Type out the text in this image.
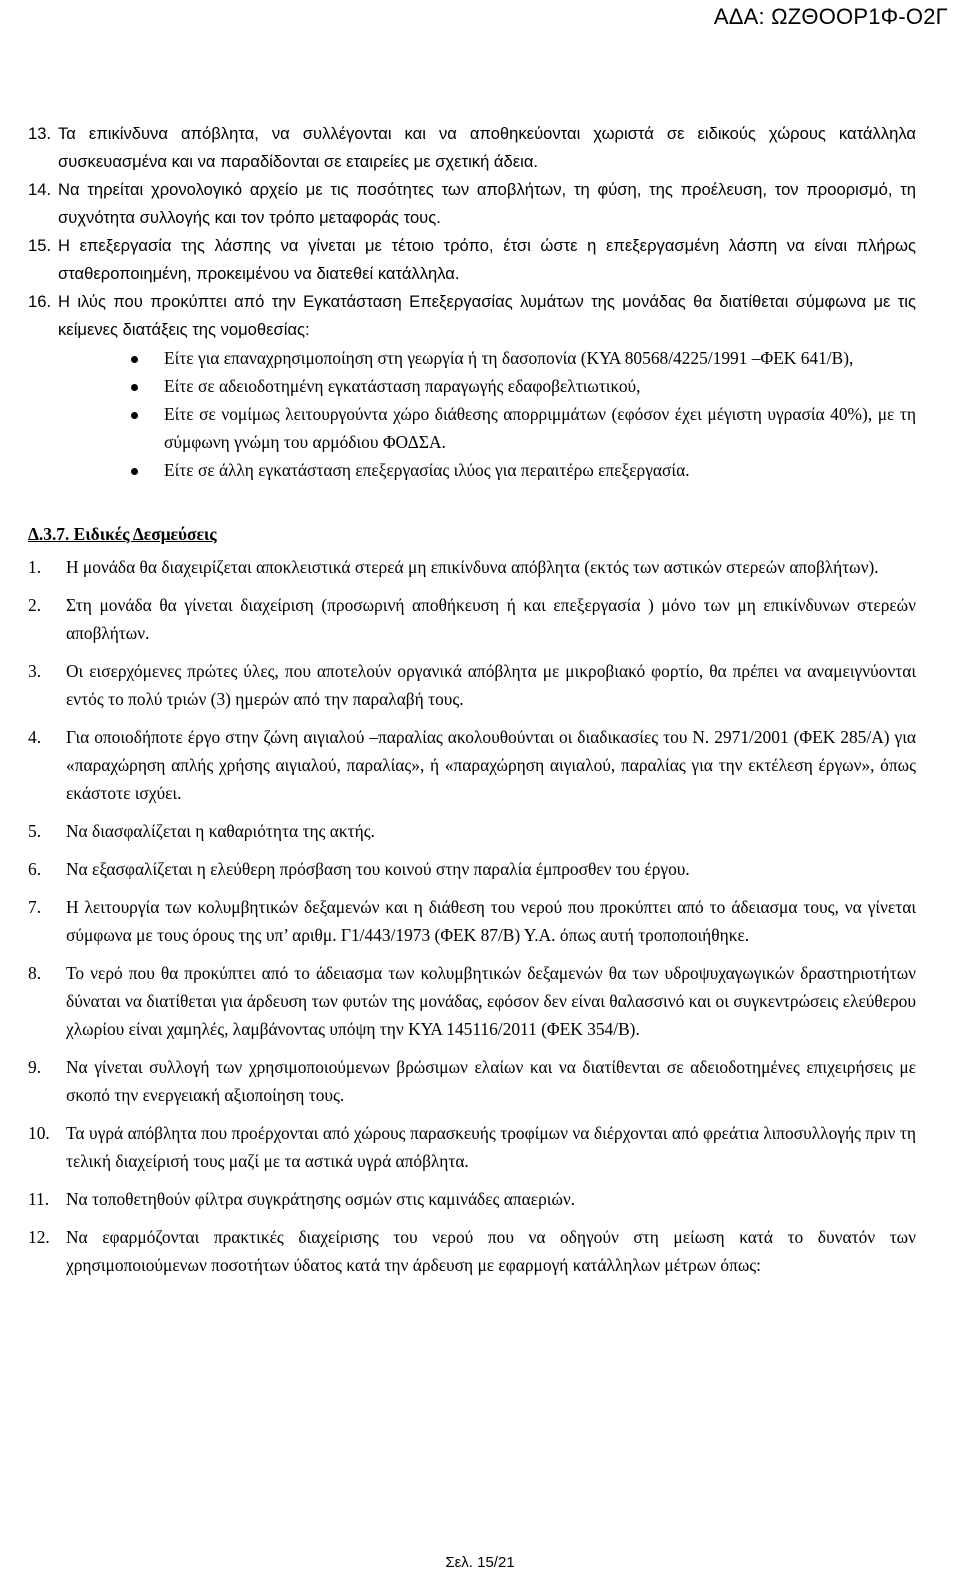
ΑΔΑ: ΩΖΘΟΟΡ1Φ-Ο2Γ
13. Τα επικίνδυνα απόβλητα, να συλλέγονται και να αποθηκεύονται χωριστά σε ειδικούς χώρους κατάλληλα συσκευασμένα και να παραδίδονται σε εταιρείες με σχετική άδεια.
14. Να τηρείται χρονολογικό αρχείο με τις ποσότητες των αποβλήτων, τη φύση, της προέλευση, τον προορισμό, τη συχνότητα συλλογής και τον τρόπο μεταφοράς τους.
15. Η επεξεργασία της λάσπης να γίνεται με τέτοιο τρόπο, έτσι ώστε η επεξεργασμένη λάσπη να είναι πλήρως σταθεροποιημένη, προκειμένου να διατεθεί κατάλληλα.
16. Η ιλύς που προκύπτει από την Εγκατάσταση Επεξεργασίας λυμάτων της μονάδας θα διατίθεται σύμφωνα με τις κείμενες διατάξεις της νομοθεσίας:
Είτε για επαναχρησιμοποίηση στη γεωργία ή τη δασοπονία (ΚΥΑ 80568/4225/1991 –ΦΕΚ 641/Β),
Είτε σε αδειοδοτημένη εγκατάσταση παραγωγής εδαφοβελτιωτικού,
Είτε σε νομίμως λειτουργούντα χώρο διάθεσης απορριμμάτων (εφόσον έχει μέγιστη υγρασία 40%), με τη σύμφωνη γνώμη του αρμόδιου ΦΟΔΣΑ.
Είτε σε άλλη εγκατάσταση επεξεργασίας ιλύος για περαιτέρω επεξεργασία.
Δ.3.7. Ειδικές Δεσμεύσεις
1. Η μονάδα θα διαχειρίζεται αποκλειστικά στερεά μη επικίνδυνα απόβλητα (εκτός των αστικών στερεών αποβλήτων).
2. Στη μονάδα θα γίνεται διαχείριση (προσωρινή αποθήκευση ή και επεξεργασία ) μόνο των μη επικίνδυνων στερεών αποβλήτων.
3. Οι εισερχόμενες πρώτες ύλες, που αποτελούν οργανικά απόβλητα με μικροβιακό φορτίο, θα πρέπει να αναμειγνύονται εντός το πολύ τριών (3) ημερών από την παραλαβή τους.
4. Για οποιοδήποτε έργο στην ζώνη αιγιαλού –παραλίας ακολουθούνται οι διαδικασίες του Ν. 2971/2001 (ΦΕΚ 285/Α) για «παραχώρηση απλής χρήσης αιγιαλού, παραλίας», ή «παραχώρηση αιγιαλού, παραλίας για την εκτέλεση έργων», όπως εκάστοτε ισχύει.
5. Να διασφαλίζεται η καθαριότητα της ακτής.
6. Να εξασφαλίζεται η ελεύθερη πρόσβαση του κοινού στην παραλία έμπροσθεν του έργου.
7. Η λειτουργία των κολυμβητικών δεξαμενών και η διάθεση του νερού που προκύπτει από το άδειασμα τους, να γίνεται σύμφωνα με τους όρους της υπ’ αριθμ. Γ1/443/1973 (ΦΕΚ 87/Β) Υ.Α. όπως αυτή τροποποιήθηκε.
8. Το νερό που θα προκύπτει από το άδειασμα των κολυμβητικών δεξαμενών θα των υδροψυχαγωγικών δραστηριοτήτων δύναται να διατίθεται για άρδευση των φυτών της μονάδας, εφόσον δεν είναι θαλασσινό και οι συγκεντρώσεις ελεύθερου χλωρίου είναι χαμηλές, λαμβάνοντας υπόψη την ΚΥΑ 145116/2011 (ΦΕΚ 354/Β).
9. Να γίνεται συλλογή των χρησιμοποιούμενων βρώσιμων ελαίων και να διατίθενται σε αδειοδοτημένες επιχειρήσεις με σκοπό την ενεργειακή αξιοποίηση τους.
10. Τα υγρά απόβλητα που προέρχονται από χώρους παρασκευής τροφίμων να διέρχονται από φρεάτια λιποσυλλογής πριν τη τελική διαχείρισή τους μαζί με τα αστικά υγρά απόβλητα.
11. Να τοποθετηθούν φίλτρα συγκράτησης οσμών στις καμινάδες απαεριών.
12. Να εφαρμόζονται πρακτικές διαχείρισης του νερού που να οδηγούν στη μείωση κατά το δυνατόν των χρησιμοποιούμενων ποσοτήτων ύδατος κατά την άρδευση με εφαρμογή κατάλληλων μέτρων όπως:
Σελ. 15/21
